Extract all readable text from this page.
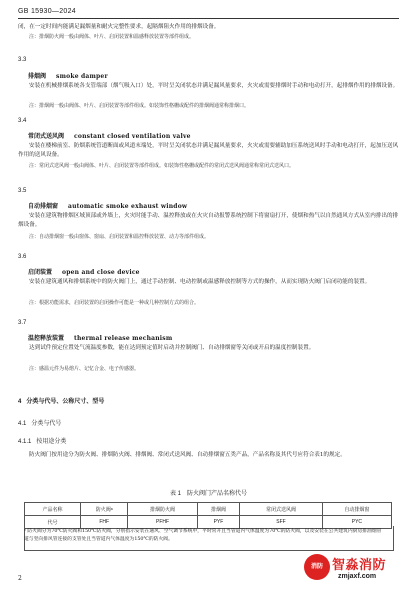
GB 15930—2024
闭，在一定时间内能满足漏烟量和耐火完整性要求，起隔烟阻火作用的排烟设备。
注：排烟防火阀一般由阀体、叶片、启闭装置和温感释放装置等部件组成。
3.3
排烟阀 smoke damper
安装在机械排烟系统各支管端部（烟气吸入口）处，平时呈关闭状态并满足漏风量要求，火灾或需要排烟时手动和电动打开，起排烟作用的排烟设备。
注：排烟阀一般由阀体、叶片、启闭装置等部件组成。如装饰性格栅或配件的排烟阀通常称排烟口。
3.4
常闭式送风阀 constant closed ventilation valve
安装在楼梯前室、防烟系统管道断面或风道末端处，平时呈关闭状态并满足漏风量要求，火灾或需要辅助加压系统送风时手动和电动打开，起加压送风作用的送风设备。
注：常闭式送风阀一般由阀体、叶片、启闭装置等部件组成。如装饰性格栅或配件的常闭式送风阀通常称常闭式送风口。
3.5
自动排烟窗 automatic smoke exhaust window
安装在建筑物排烟区域顶部或外墙上，火灾时能手动、温控释放或在火灾自动报警系统控制下将窗扇打开，使烟和热气以自然通风方式从室内排出的排烟设备。
注：自动排烟窗一般由窗体、窗扇、启闭装置和温控释放装置、动力等部件组成。
3.6
启闭装置 open and close device
安装在建筑通风和排烟系统中的防火阀门上，通过手动控制、电动控制或温感释放控制等方式的操作，从而实现防火阀门启闭功能的装置。
注：根据功能需求，启闭装置的启闭操作可能是一种或几种控制方式的组合。
3.7
温控释放装置 thermal release mechanism
达到试件预定位置处气流温度参数，能在达到预定值时启动并控制阀门、自动排烟窗等关闭或开启的温度控制装置。
注：感温元件为易熔片、记忆合金、电子传感器。
4 分类与代号、公称尺寸、型号
4.1 分类与代号
4.1.1 按用途分类
防火阀门按用途分为防火阀、排烟防火阀、排烟阀、常闭式送风阀、自动排烟窗五类产品，产品名称及其代号应符合表1的规定。
表 1　防火阀门产品名称代号
产品名称	防火阀ᵃ	排烟防火阀	排烟阀	常闭式送风阀	自动排烟窗
代号	FHF	PFHF	PYF	SFF	PYC
ᵃ 防火阀分为70℃防火阀和150℃防火阀，分别指示安装在通风、空气调节系统中，平时常开且当管道内气体温度为70℃的防火阀，以及安装在公共建筑内厨房排油烟管道与竖向排风管连接的支管处且当管道内气体温度为150℃的防火阀。
2
消防 智淼消防
zmjaxf.com
